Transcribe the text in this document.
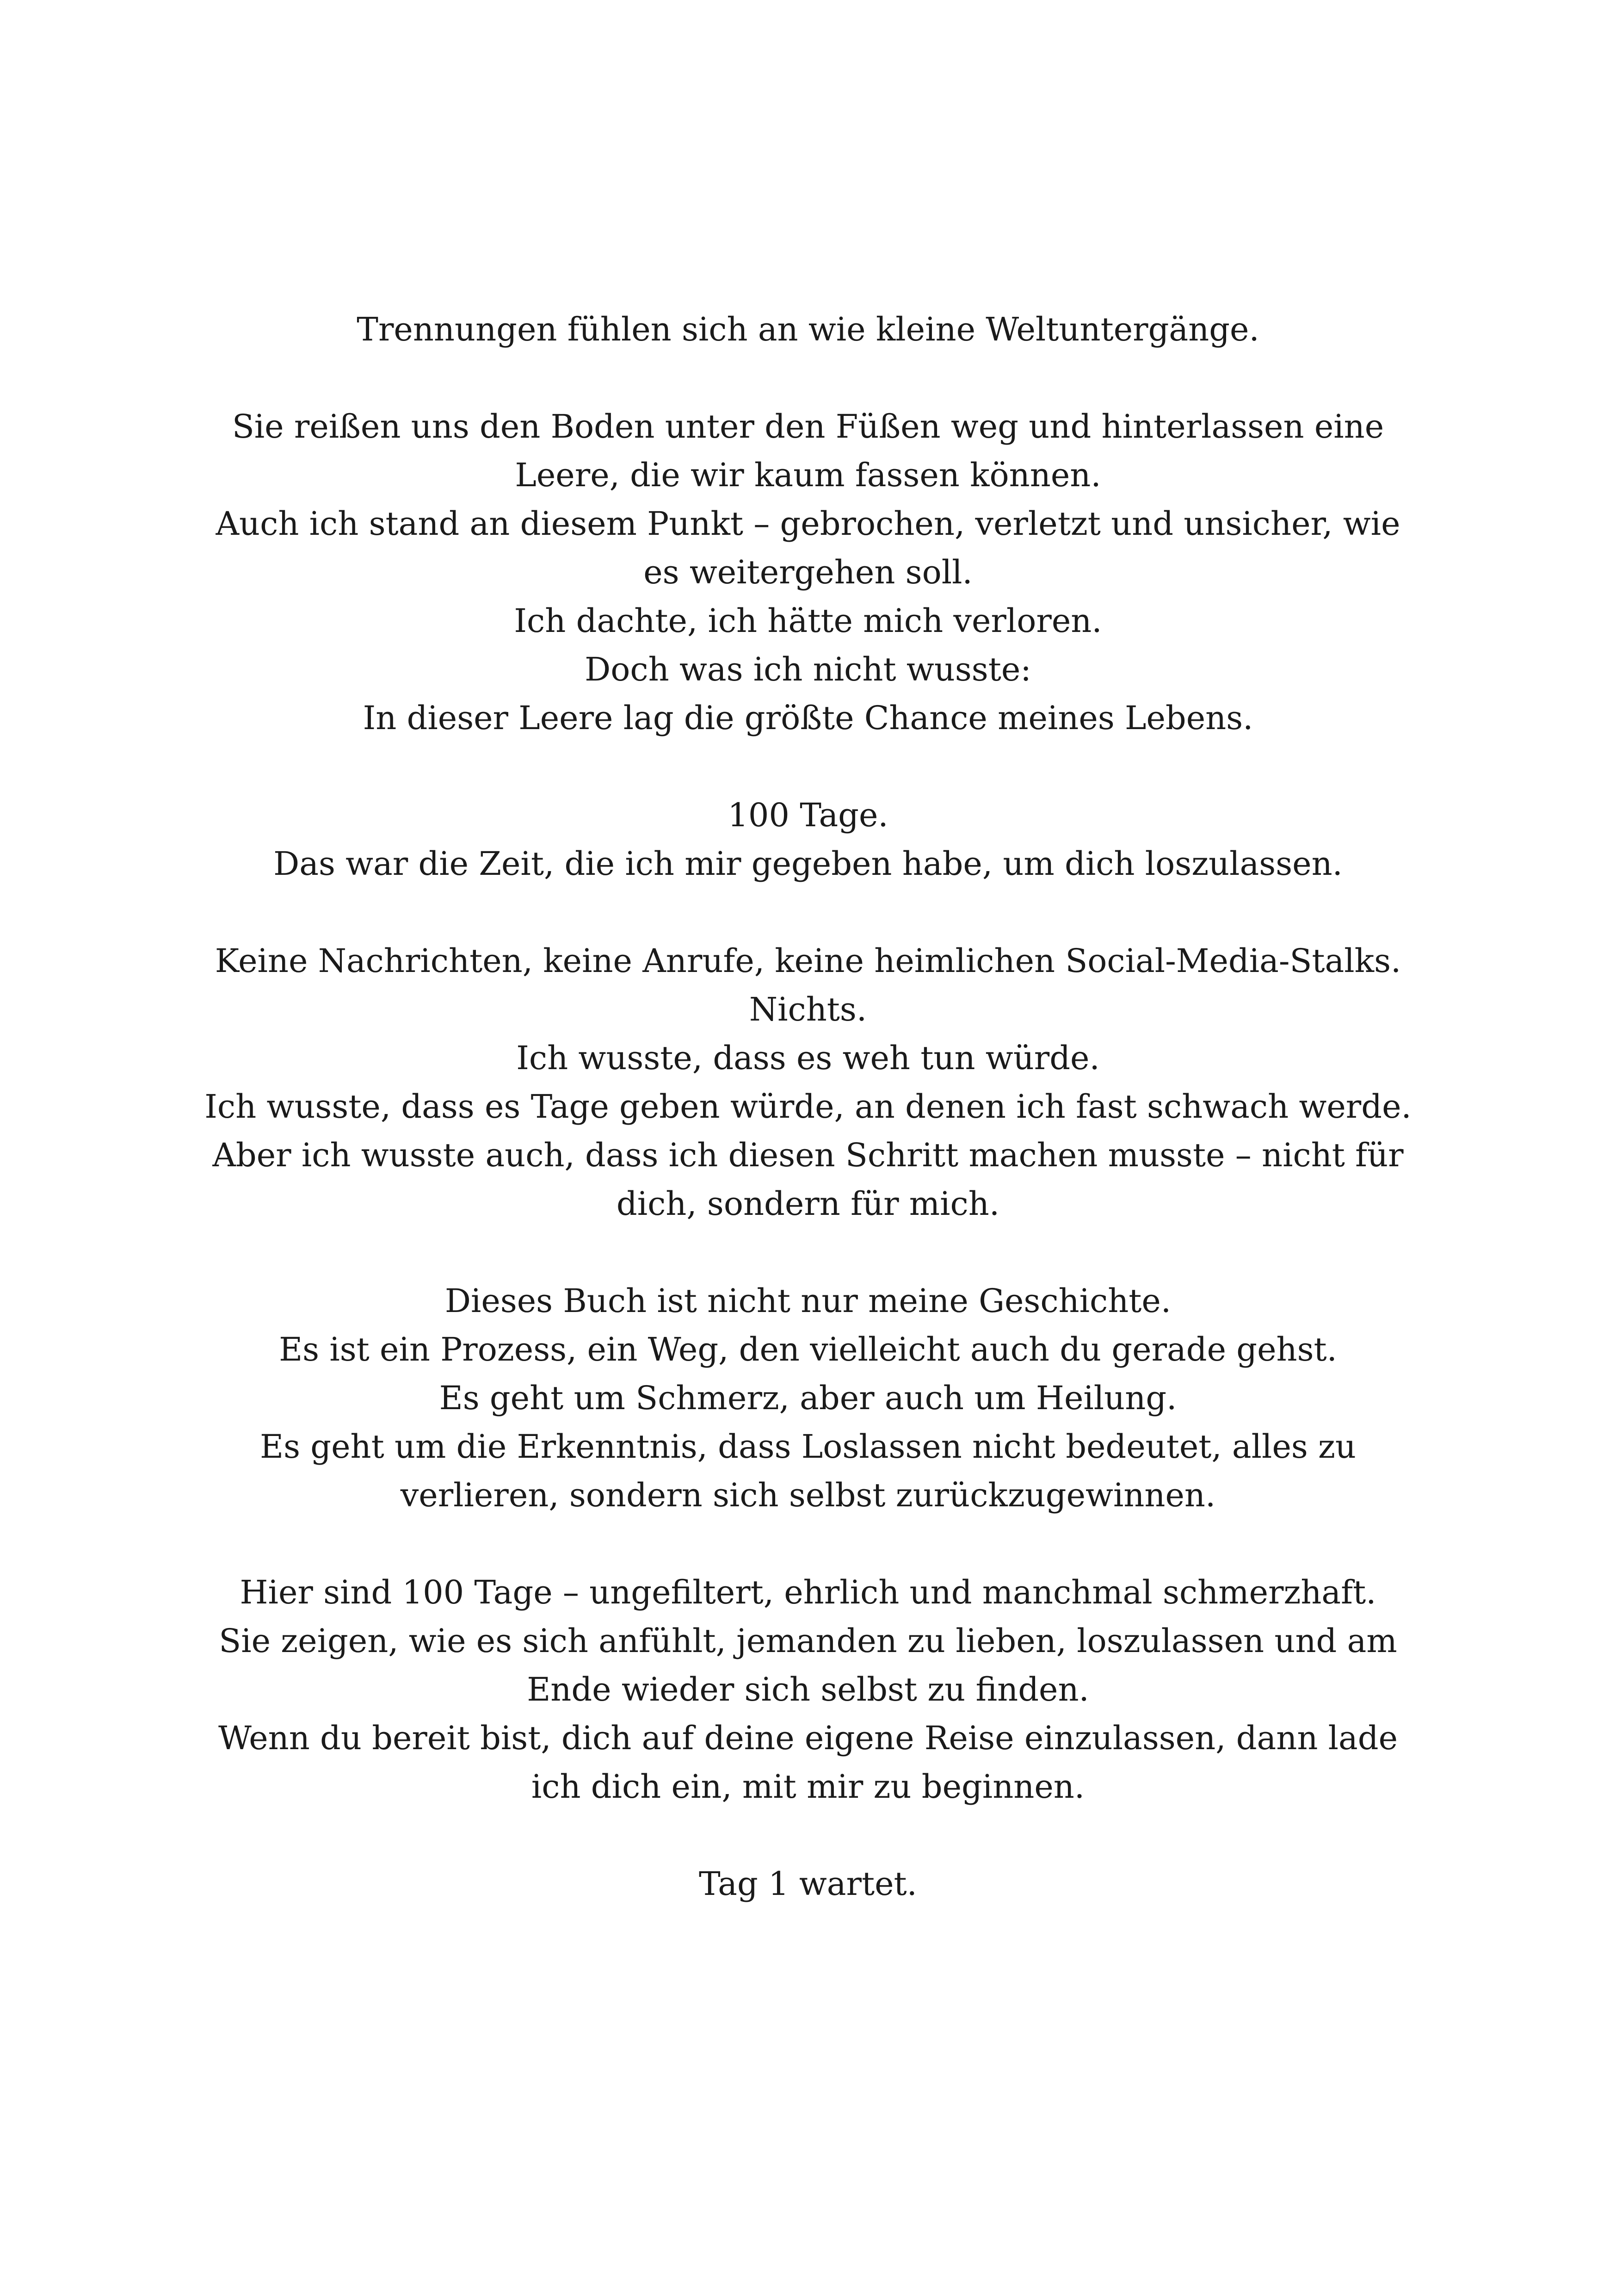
Trennungen fühlen sich an wie kleine Weltuntergänge.

Sie reißen uns den Boden unter den Füßen weg und hinterlassen eine Leere, die wir kaum fassen können.
Auch ich stand an diesem Punkt – gebrochen, verletzt und unsicher, wie es weitergehen soll.
Ich dachte, ich hätte mich verloren.
Doch was ich nicht wusste:
In dieser Leere lag die größte Chance meines Lebens.

100 Tage.
Das war die Zeit, die ich mir gegeben habe, um dich loszulassen.

Keine Nachrichten, keine Anrufe, keine heimlichen Social-Media-Stalks.
Nichts.
Ich wusste, dass es weh tun würde.
Ich wusste, dass es Tage geben würde, an denen ich fast schwach werde.
Aber ich wusste auch, dass ich diesen Schritt machen musste – nicht für dich, sondern für mich.

Dieses Buch ist nicht nur meine Geschichte.
Es ist ein Prozess, ein Weg, den vielleicht auch du gerade gehst.
Es geht um Schmerz, aber auch um Heilung.
Es geht um die Erkenntnis, dass Loslassen nicht bedeutet, alles zu verlieren, sondern sich selbst zurückzugewinnen.

Hier sind 100 Tage – ungefiltert, ehrlich und manchmal schmerzhaft.
Sie zeigen, wie es sich anfühlt, jemanden zu lieben, loszulassen und am Ende wieder sich selbst zu finden.
Wenn du bereit bist, dich auf deine eigene Reise einzulassen, dann lade ich dich ein, mit mir zu beginnen.

Tag 1 wartet.
